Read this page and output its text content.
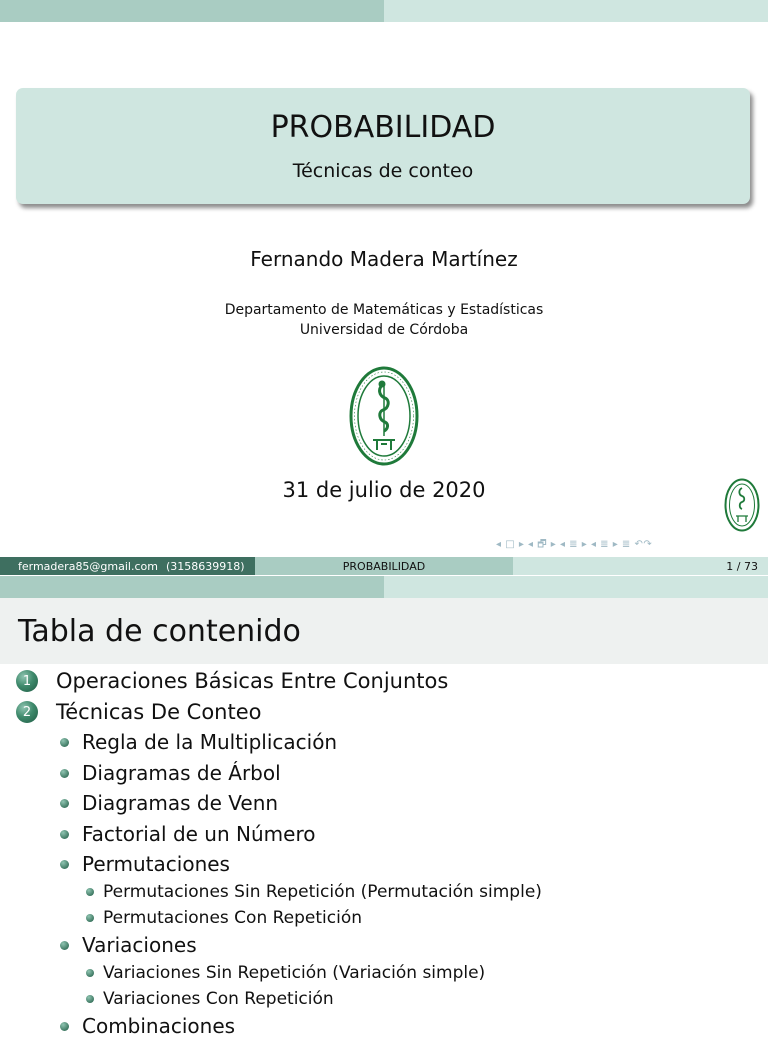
PROBABILIDAD
Técnicas de conteo
Fernando Madera Martínez
Departamento de Matemáticas y Estadísticas
Universidad de Córdoba
31 de julio de 2020
◂ □ ▸ ◂ 🗗 ▸ ◂ ≣ ▸ ◂ ≣ ▸ ≣ ↶↷
fermadera85@gmail.com (3158639918)	PROBABILIDAD	1 / 73
Tabla de contenido
1	Operaciones Básicas Entre Conjuntos
2	Técnicas De Conteo
Regla de la Multiplicación
Diagramas de Árbol
Diagramas de Venn
Factorial de un Número
Permutaciones
Permutaciones Sin Repetición (Permutación simple)
Permutaciones Con Repetición
Variaciones
Variaciones Sin Repetición (Variación simple)
Variaciones Con Repetición
Combinaciones
